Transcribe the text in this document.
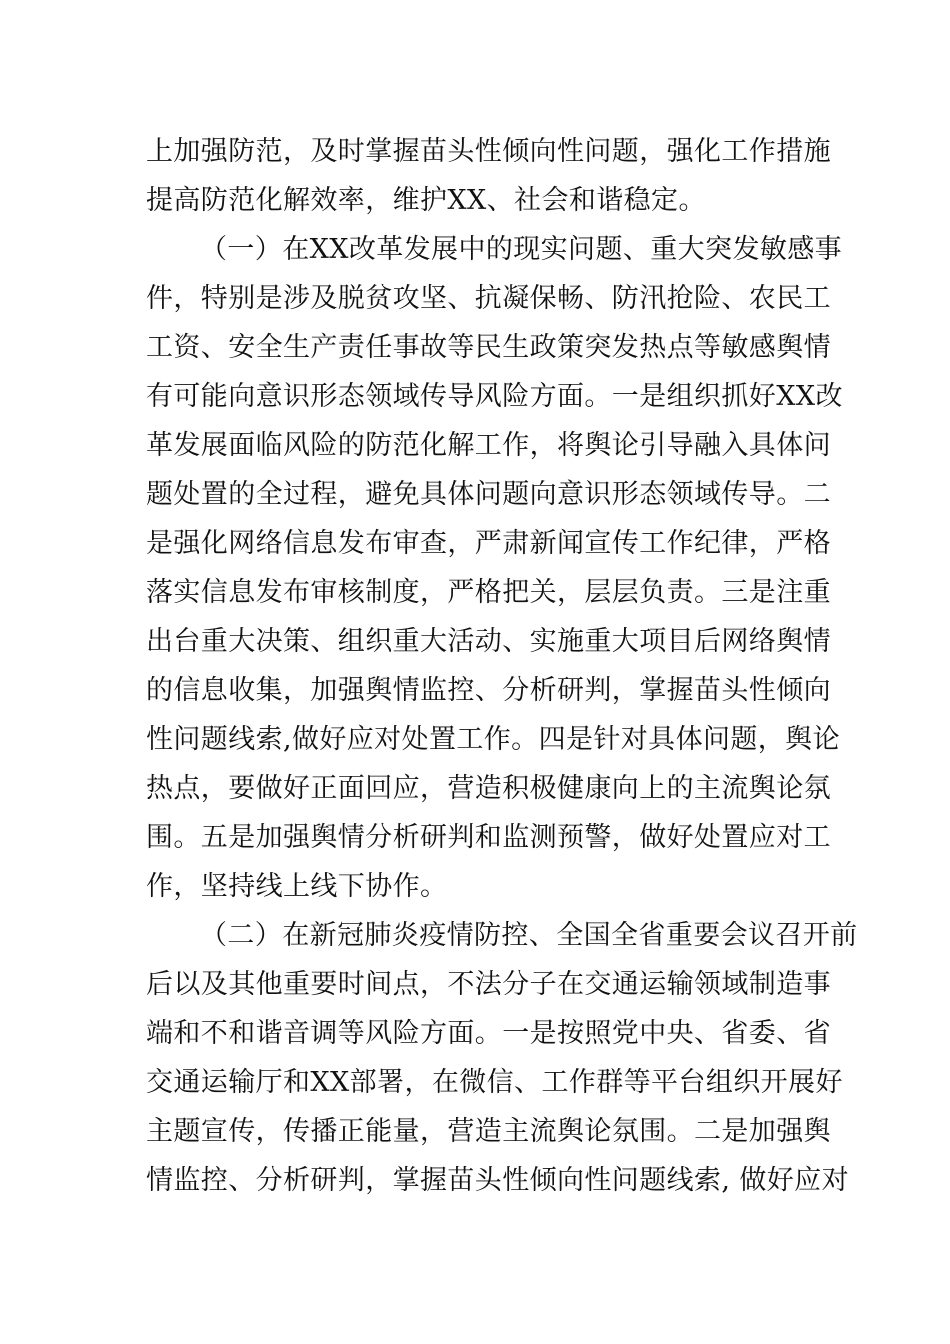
上加强防范，及时掌握苗头性倾向性问题，强化工作措施
提高防范化解效率，维护XX、社会和谐稳定。
（一）在XX改革发展中的现实问题、重大突发敏感事
件，特别是涉及脱贫攻坚、抗凝保畅、防汛抢险、农民工
工资、安全生产责任事故等民生政策突发热点等敏感舆情
有可能向意识形态领域传导风险方面。一是组织抓好XX改
革发展面临风险的防范化解工作，将舆论引导融入具体问
题处置的全过程，避免具体问题向意识形态领域传导。二
是强化网络信息发布审查，严肃新闻宣传工作纪律，严格
落实信息发布审核制度，严格把关，层层负责。三是注重
出台重大决策、组织重大活动、实施重大项目后网络舆情
的信息收集，加强舆情监控、分析研判，掌握苗头性倾向
性问题线索,做好应对处置工作。四是针对具体问题，舆论
热点，要做好正面回应，营造积极健康向上的主流舆论氛
围。五是加强舆情分析研判和监测预警，做好处置应对工
作，坚持线上线下协作。
（二）在新冠肺炎疫情防控、全国全省重要会议召开前
后以及其他重要时间点，不法分子在交通运输领域制造事
端和不和谐音调等风险方面。一是按照党中央、省委、省
交通运输厅和XX部署，在微信、工作群等平台组织开展好
主题宣传，传播正能量，营造主流舆论氛围。二是加强舆
情监控、分析研判，掌握苗头性倾向性问题线索, 做好应对
